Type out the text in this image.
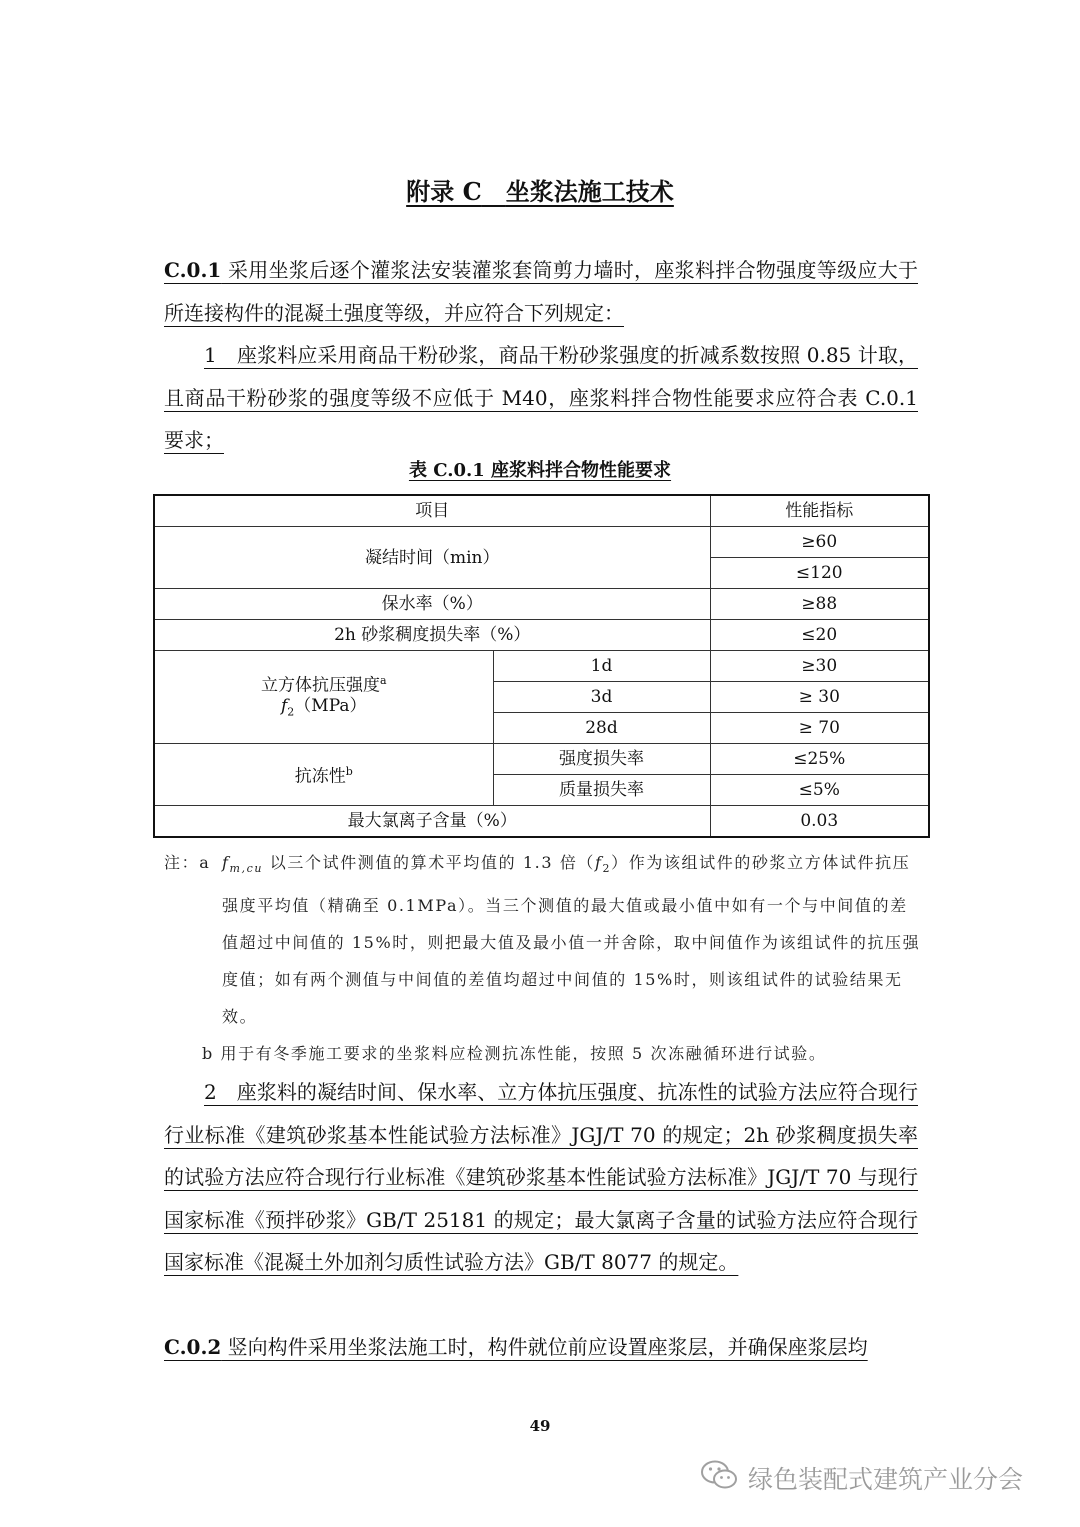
附录 C　 坐浆法施工技术
C.0.1 采用坐浆后逐个灌浆法安装灌浆套筒剪力墙时，座浆料拌合物强度等级应大于所连接构件的混凝土强度等级，并应符合下列规定：
1　座浆料应采用商品干粉砂浆，商品干粉砂浆强度的折减系数按照 0.85 计取，且商品干粉砂浆的强度等级不应低于 M40，座浆料拌合物性能要求应符合表 C.0.1 要求；
表 C.0.1 座浆料拌合物性能要求
项目		性能指标
凝结时间（min）		≥60
		≤120
保水率（%）		≥88
2h 砂浆稠度损失率（%）		≤20
立方体抗压强度$^a$
$f_2(MPa)$	1d	≥30
	3d	≥ 30
	28d	≥ 70
抗冻性$^b$	强度损失率	≤25%
	质量损失率	≤5%
最大氯离子含量（%）		0.03
注：a $f_{m,cu}$ 以三个试件测值的算术平均值的 1.3 倍$(f_2)$作为该组试件的砂浆立方体试件抗压强度平均值（精确至 0.1MPa）。当三个测值的最大值或最小值中如有一个与中间值的差值超过中间值的 15%时，则把最大值及最小值一并舍除，取中间值作为该组试件的抗压强度值；如有两个测值与中间值的差值均超过中间值的 15%时，则该组试件的试验结果无效。
b 用于有冬季施工要求的坐浆料应检测抗冻性能，按照 5 次冻融循环进行试验。
2　座浆料的凝结时间、保水率、立方体抗压强度、抗冻性的试验方法应符合现行行业标准《建筑砂浆基本性能试验方法标准》JGJ/T 70 的规定；2h 砂浆稠度损失率的试验方法应符合现行行业标准《建筑砂浆基本性能试验方法标准》JGJ/T 70 与现行国家标准《预拌砂浆》GB/T 25181 的规定；最大氯离子含量的试验方法应符合现行国家标准《混凝土外加剂匀质性试验方法》GB/T 8077 的规定。
C.0.2 竖向构件采用坐浆法施工时，构件就位前应设置座浆层，并确保座浆层均
49
绿色装配式建筑产业分会
